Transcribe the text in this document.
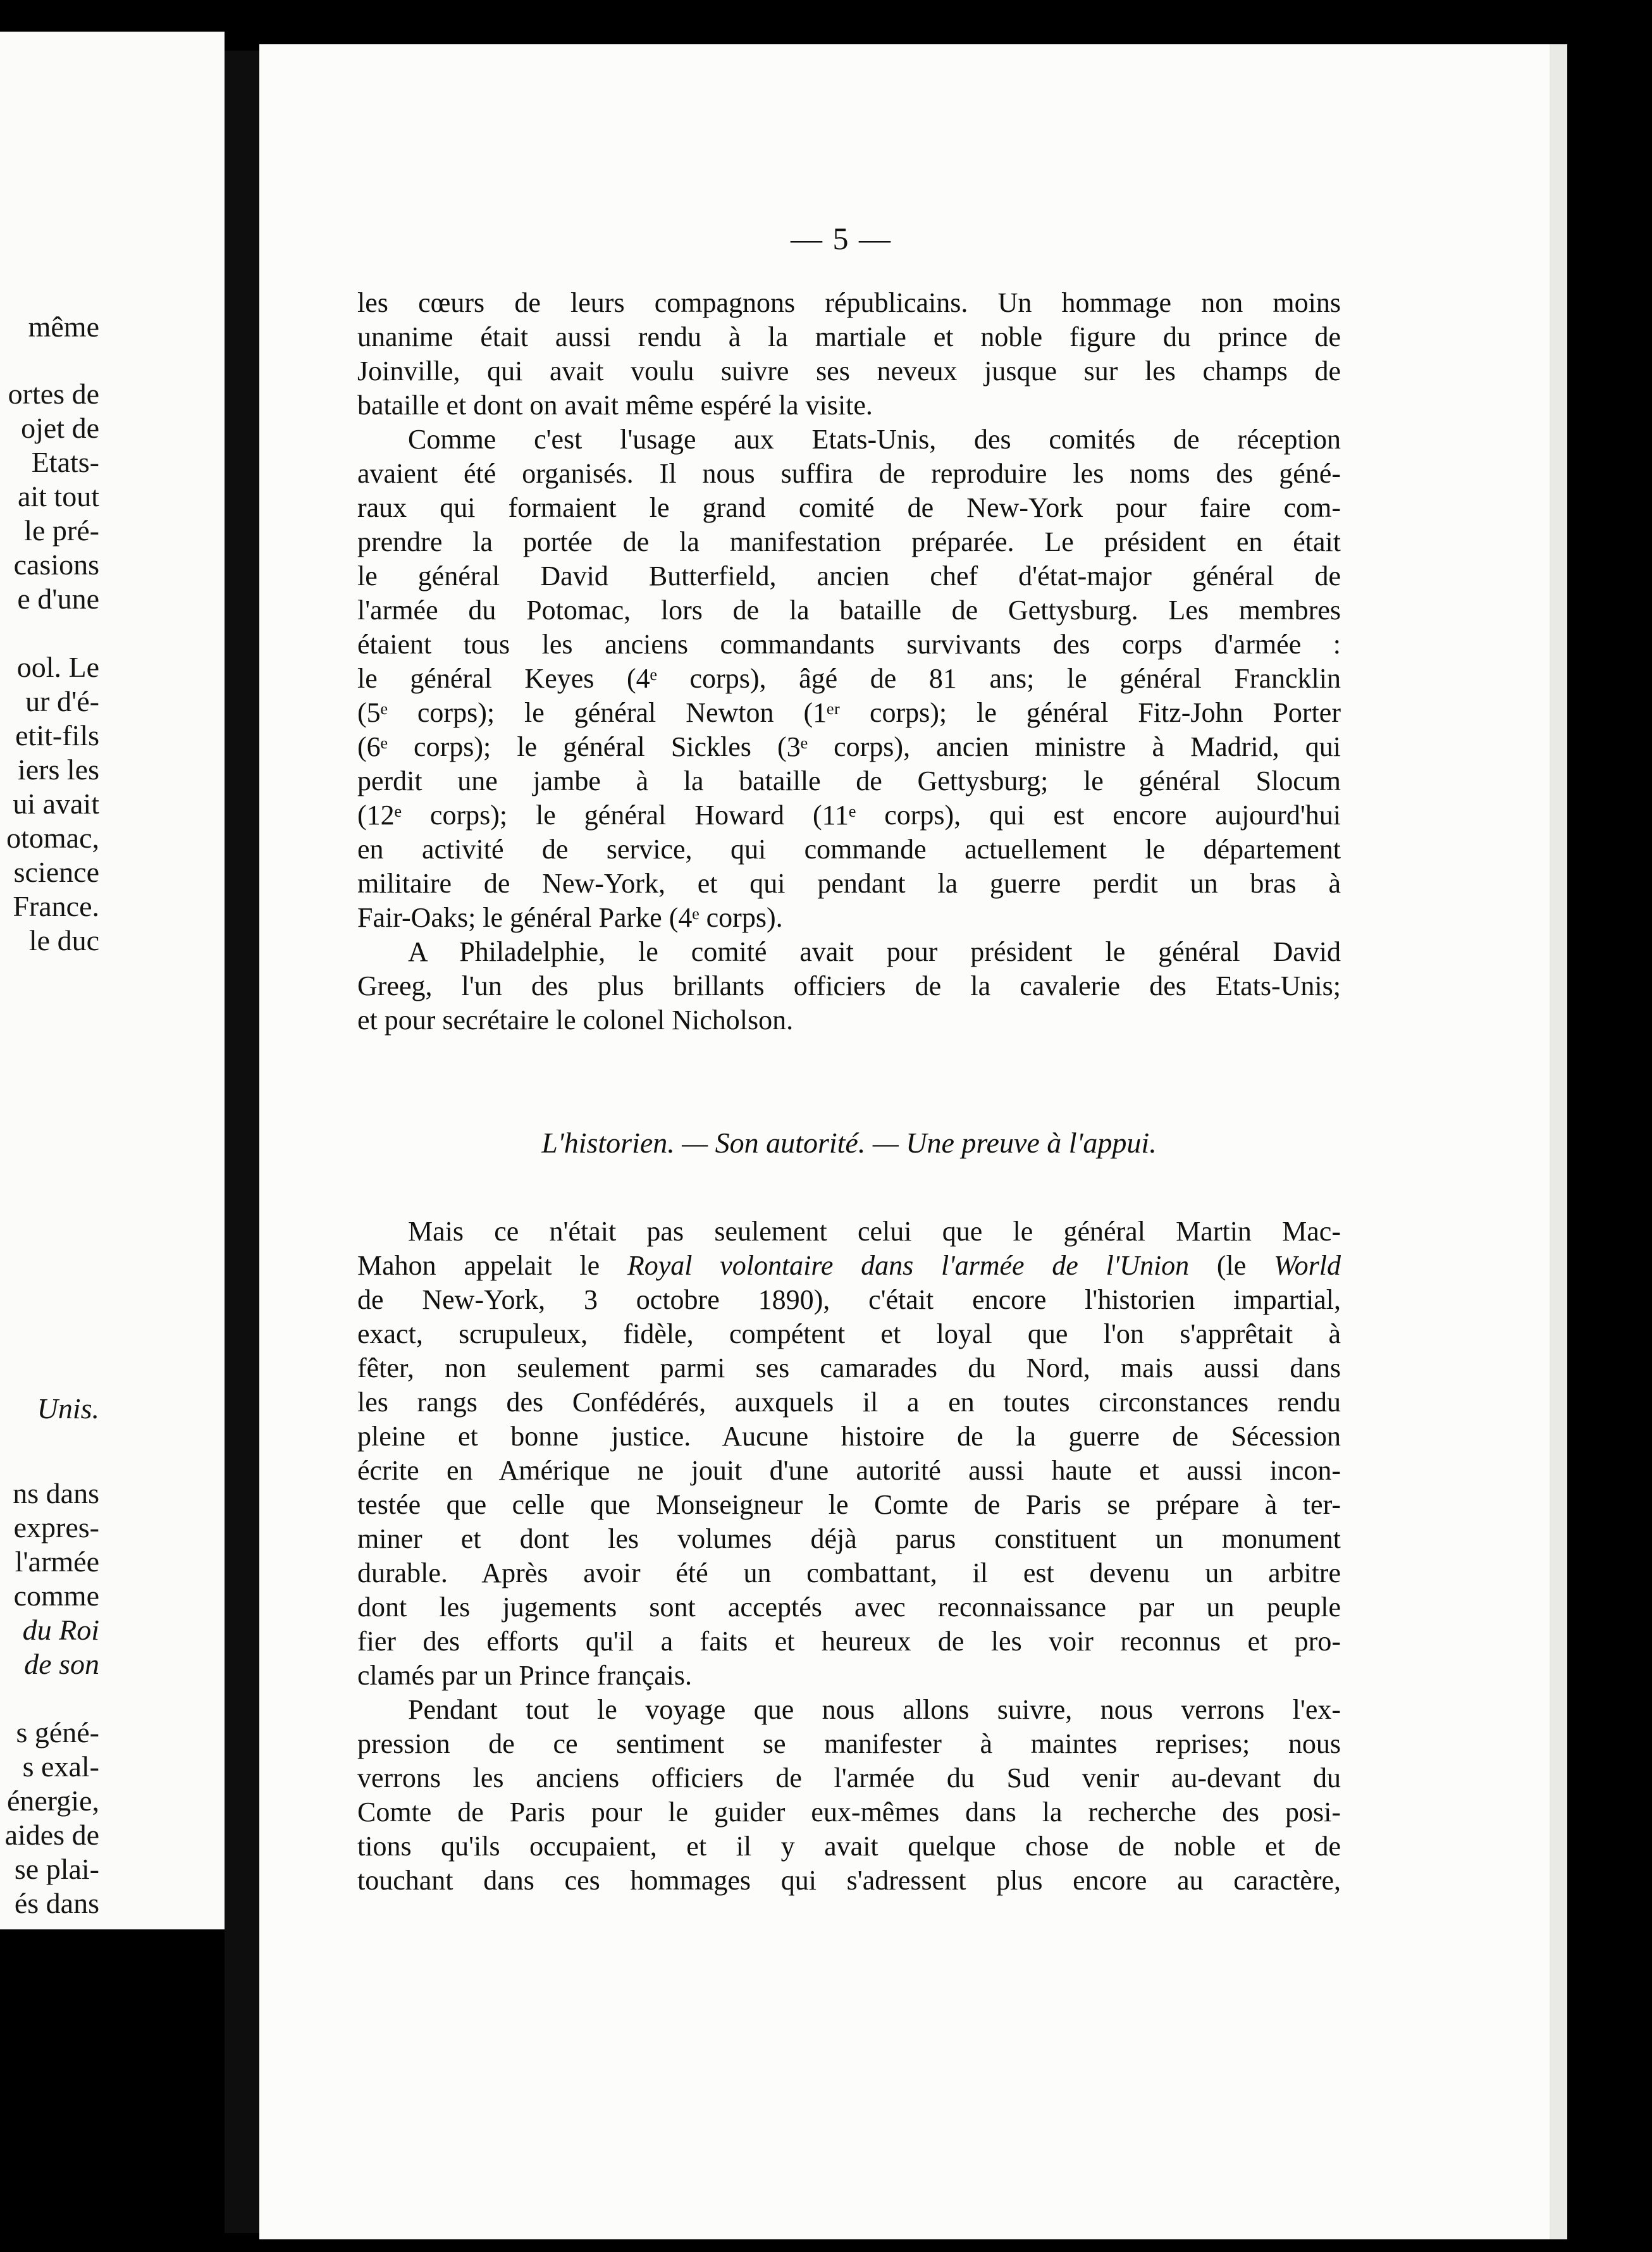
même
ortes de
ojet de
Etats-
ait tout
le pré-
casions
e d'une
ool. Le
ur d'é-
etit-fils
iers les
ui avait
otomac,
science
France.
le duc
Unis.
ns dans
expres-
l'armée
comme
du Roi
de son
s géné-
s exal-
énergie,
aides de
se plai-
és dans
— 5 —
les cœurs de leurs compagnons républicains. Un hommage non moins
unanime était aussi rendu à la martiale et noble figure du prince de
Joinville, qui avait voulu suivre ses neveux jusque sur les champs de
bataille et dont on avait même espéré la visite.
Comme c'est l'usage aux Etats-Unis, des comités de réception
avaient été organisés. Il nous suffira de reproduire les noms des géné-
raux qui formaient le grand comité de New-York pour faire com-
prendre la portée de la manifestation préparée. Le président en était
le général David Butterfield, ancien chef d'état-major général de
l'armée du Potomac, lors de la bataille de Gettysburg. Les membres
étaient tous les anciens commandants survivants des corps d'armée :
le général Keyes (4ᵉ corps), âgé de 81 ans; le général Francklin
(5ᵉ corps); le général Newton (1ᵉʳ corps); le général Fitz-John Porter
(6ᵉ corps); le général Sickles (3ᵉ corps), ancien ministre à Madrid, qui
perdit une jambe à la bataille de Gettysburg; le général Slocum
(12ᵉ corps); le général Howard (11ᵉ corps), qui est encore aujourd'hui
en activité de service, qui commande actuellement le département
militaire de New-York, et qui pendant la guerre perdit un bras à
Fair-Oaks; le général Parke (4ᵉ corps).
A Philadelphie, le comité avait pour président le général David
Greeg, l'un des plus brillants officiers de la cavalerie des Etats-Unis;
et pour secrétaire le colonel Nicholson.
L'historien. — Son autorité. — Une preuve à l'appui.
Mais ce n'était pas seulement celui que le général Martin Mac-
Mahon appelait le Royal volontaire dans l'armée de l'Union (le World
de New-York, 3 octobre 1890), c'était encore l'historien impartial,
exact, scrupuleux, fidèle, compétent et loyal que l'on s'apprêtait à
fêter, non seulement parmi ses camarades du Nord, mais aussi dans
les rangs des Confédérés, auxquels il a en toutes circonstances rendu
pleine et bonne justice. Aucune histoire de la guerre de Sécession
écrite en Amérique ne jouit d'une autorité aussi haute et aussi incon-
testée que celle que Monseigneur le Comte de Paris se prépare à ter-
miner et dont les volumes déjà parus constituent un monument
durable. Après avoir été un combattant, il est devenu un arbitre
dont les jugements sont acceptés avec reconnaissance par un peuple
fier des efforts qu'il a faits et heureux de les voir reconnus et pro-
clamés par un Prince français.
Pendant tout le voyage que nous allons suivre, nous verrons l'ex-
pression de ce sentiment se manifester à maintes reprises; nous
verrons les anciens officiers de l'armée du Sud venir au-devant du
Comte de Paris pour le guider eux-mêmes dans la recherche des posi-
tions qu'ils occupaient, et il y avait quelque chose de noble et de
touchant dans ces hommages qui s'adressent plus encore au caractère,
